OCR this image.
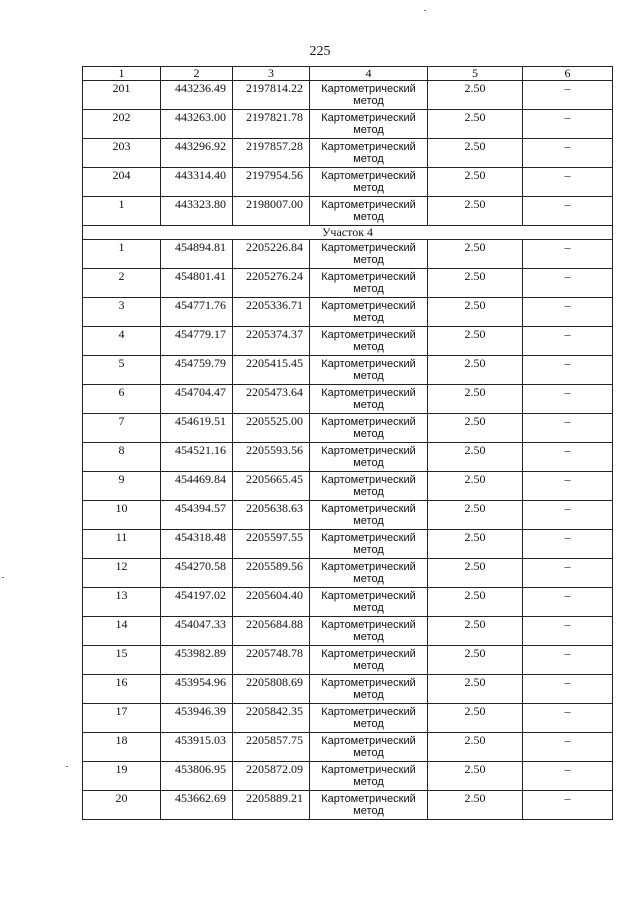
225
1	2	3	4	5	6
201	443236.49	2197814.22	Картометрический метод	2.50	–
202	443263.00	2197821.78	Картометрический метод	2.50	–
203	443296.92	2197857.28	Картометрический метод	2.50	–
204	443314.40	2197954.56	Картометрический метод	2.50	–
1	443323.80	2198007.00	Картометрический метод	2.50	–
Участок 4					
1	454894.81	2205226.84	Картометрический метод	2.50	–
2	454801.41	2205276.24	Картометрический метод	2.50	–
3	454771.76	2205336.71	Картометрический метод	2.50	–
4	454779.17	2205374.37	Картометрический метод	2.50	–
5	454759.79	2205415.45	Картометрический метод	2.50	–
6	454704.47	2205473.64	Картометрический метод	2.50	–
7	454619.51	2205525.00	Картометрический метод	2.50	–
8	454521.16	2205593.56	Картометрический метод	2.50	–
9	454469.84	2205665.45	Картометрический метод	2.50	–
10	454394.57	2205638.63	Картометрический метод	2.50	–
11	454318.48	2205597.55	Картометрический метод	2.50	–
12	454270.58	2205589.56	Картометрический метод	2.50	–
13	454197.02	2205604.40	Картометрический метод	2.50	–
14	454047.33	2205684.88	Картометрический метод	2.50	–
15	453982.89	2205748.78	Картометрический метод	2.50	–
16	453954.96	2205808.69	Картометрический метод	2.50	–
17	453946.39	2205842.35	Картометрический метод	2.50	–
18	453915.03	2205857.75	Картометрический метод	2.50	–
19	453806.95	2205872.09	Картометрический метод	2.50	–
20	453662.69	2205889.21	Картометрический метод	2.50	–
